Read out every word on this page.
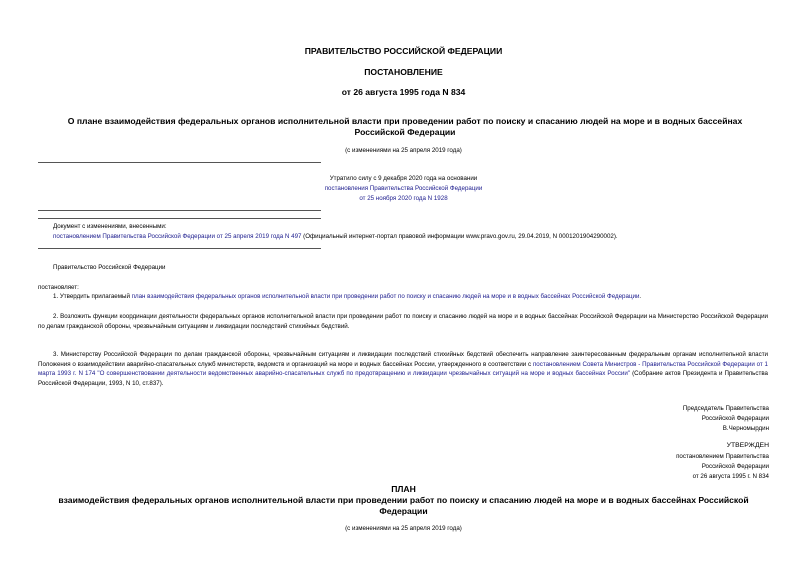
ПРАВИТЕЛЬСТВО РОССИЙСКОЙ ФЕДЕРАЦИИ
ПОСТАНОВЛЕНИЕ
от 26 августа 1995 года N 834
О плане взаимодействия федеральных органов исполнительной власти при проведении работ по поиску и спасанию людей на море и в водных бассейнах Российской Федерации
(с изменениями на 25 апреля 2019 года)
Утратило силу с 9 декабря 2020 года на основании
постановления Правительства Российской Федерации
от 25 ноября 2020 года N 1928
Документ с изменениями, внесенными:
постановлением Правительства Российской Федерации от 25 апреля 2019 года N 497 (Официальный интернет-портал правовой информации www.pravo.gov.ru, 29.04.2019, N 0001201904290002).
Правительство Российской Федерации
постановляет:
1. Утвердить прилагаемый план взаимодействия федеральных органов исполнительной власти при проведении работ по поиску и спасанию людей на море и в водных бассейнах Российской Федерации.
2. Возложить функции координации деятельности федеральных органов исполнительной власти при проведении работ по поиску и спасанию людей на море и в водных бассейнах Российской Федерации на Министерство Российской Федерации по делам гражданской обороны, чрезвычайным ситуациям и ликвидации последствий стихийных бедствий.
3. Министерству Российской Федерации по делам гражданской обороны, чрезвычайным ситуациям и ликвидации последствий стихийных бедствий обеспечить направление заинтересованным федеральным органам исполнительной власти Положения о взаимодействии аварийно-спасательных служб министерств, ведомств и организаций на море и водных бассейнах России, утвержденного в соответствии с постановлением Совета Министров - Правительства Российской Федерации от 1 марта 1993 г. N 174 "О совершенствовании деятельности ведомственных аварийно-спасательных служб по предотвращению и ликвидации чрезвычайных ситуаций на море и водных бассейнах России" (Собрание актов Президента и Правительства Российской Федерации, 1993, N 10, ст.837).
Председатель Правительства
Российской Федерации
В.Черномырдин
УТВЕРЖДЕН
постановлением Правительства
Российской Федерации
от 26 августа 1995 г. N 834
ПЛАН
взаимодействия федеральных органов исполнительной власти при проведении работ по поиску и спасанию людей на море и в водных бассейнах Российской Федерации
(с изменениями на 25 апреля 2019 года)
